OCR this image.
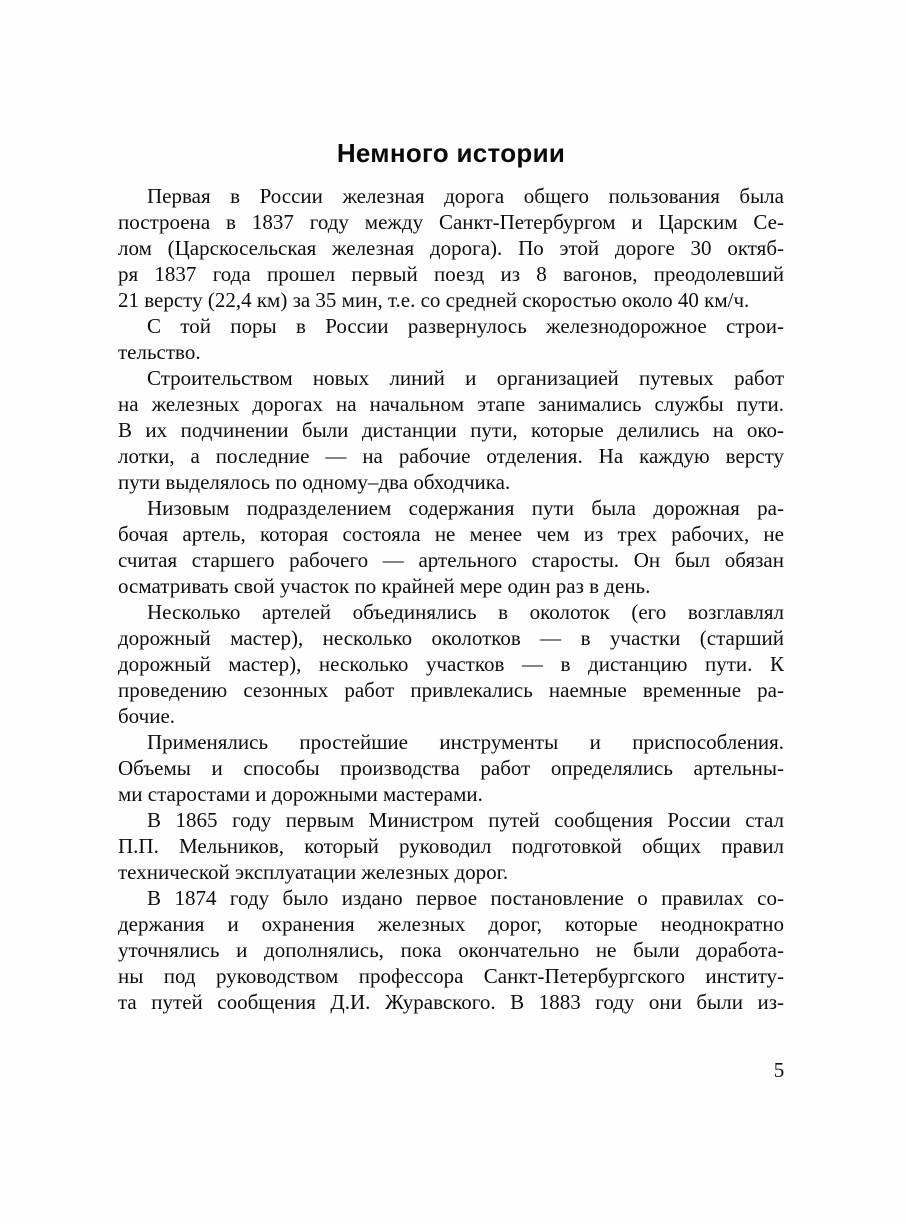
Немного истории

Первая в России железная дорога общего пользования была
построена в 1837 году между Санкт-Петербургом и Царским Се-
лом (Царскосельская железная дорога). По этой дороге 30 октяб-
ря 1837 года прошел первый поезд из 8 вагонов, преодолевший
21 версту (22,4 км) за 35 мин, т.е. со средней скоростью около 40 км/ч.

С той поры в России развернулось железнодорожное строи-
тельство.

Строительством новых линий и организацией путевых работ
на железных дорогах на начальном этапе занимались службы пути.
В их подчинении были дистанции пути, которые делились на око-
лотки, а последние — на рабочие отделения. На каждую версту
пути выделялось по одному–два обходчика.

Низовым подразделением содержания пути была дорожная ра-
бочая артель, которая состояла не менее чем из трех рабочих, не
считая старшего рабочего — артельного старосты. Он был обязан
осматривать свой участок по крайней мере один раз в день.

Несколько артелей объединялись в околоток (его возглавлял
дорожный мастер), несколько околотков — в участки (старший
дорожный мастер), несколько участков — в дистанцию пути. К
проведению сезонных работ привлекались наемные временные ра-
бочие.

Применялись простейшие инструменты и приспособления.
Объемы и способы производства работ определялись артельны-
ми старостами и дорожными мастерами.

В 1865 году первым Министром путей сообщения России стал
П.П. Мельников, который руководил подготовкой общих правил
технической эксплуатации железных дорог.

В 1874 году было издано первое постановление о правилах со-
держания и охранения железных дорог, которые неоднократно
уточнялись и дополнялись, пока окончательно не были доработа-
ны под руководством профессора Санкт-Петербургского институ-
та путей сообщения Д.И. Журавского. В 1883 году они были из-

5
